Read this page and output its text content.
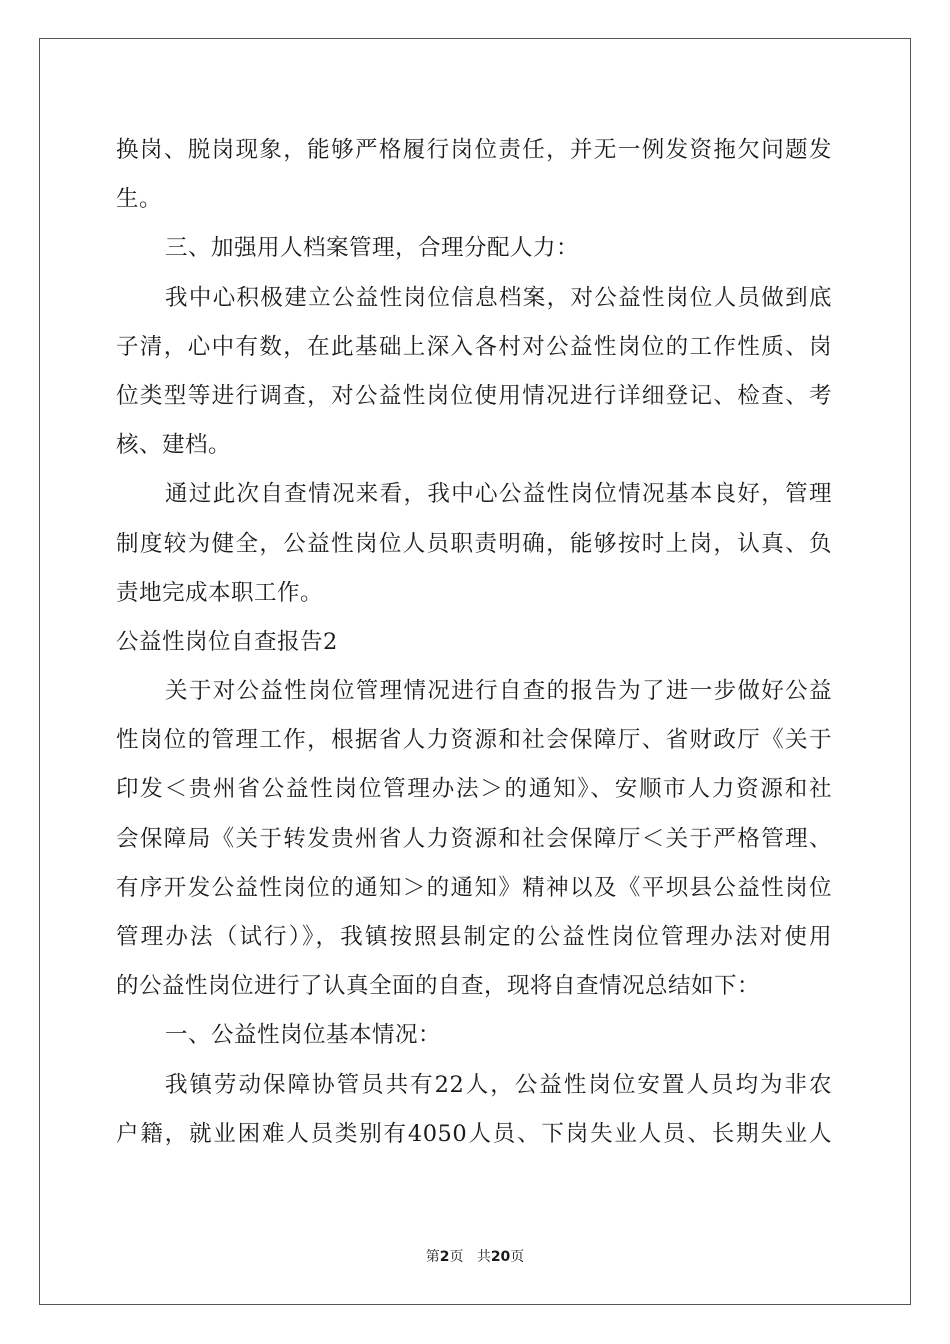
换岗、脱岗现象，能够严格履行岗位责任，并无一例发资拖欠问题发
生。
三、加强用人档案管理，合理分配人力：
我中心积极建立公益性岗位信息档案，对公益性岗位人员做到底
子清，心中有数，在此基础上深入各村对公益性岗位的工作性质、岗
位类型等进行调查，对公益性岗位使用情况进行详细登记、检查、考
核、建档。
通过此次自查情况来看，我中心公益性岗位情况基本良好，管理
制度较为健全，公益性岗位人员职责明确，能够按时上岗，认真、负
责地完成本职工作。
公益性岗位自查报告2
关于对公益性岗位管理情况进行自查的报告为了进一步做好公益
性岗位的管理工作，根据省人力资源和社会保障厅、省财政厅《关于
印发＜贵州省公益性岗位管理办法＞的通知》、安顺市人力资源和社
会保障局《关于转发贵州省人力资源和社会保障厅＜关于严格管理、
有序开发公益性岗位的通知＞的通知》精神以及《平坝县公益性岗位
管理办法（试行）》，我镇按照县制定的公益性岗位管理办法对使用
的公益性岗位进行了认真全面的自查，现将自查情况总结如下：
一、公益性岗位基本情况：
我镇劳动保障协管员共有22人，公益性岗位安置人员均为非农
户籍，就业困难人员类别有4050人员、下岗失业人员、长期失业人
第2页 共20页
